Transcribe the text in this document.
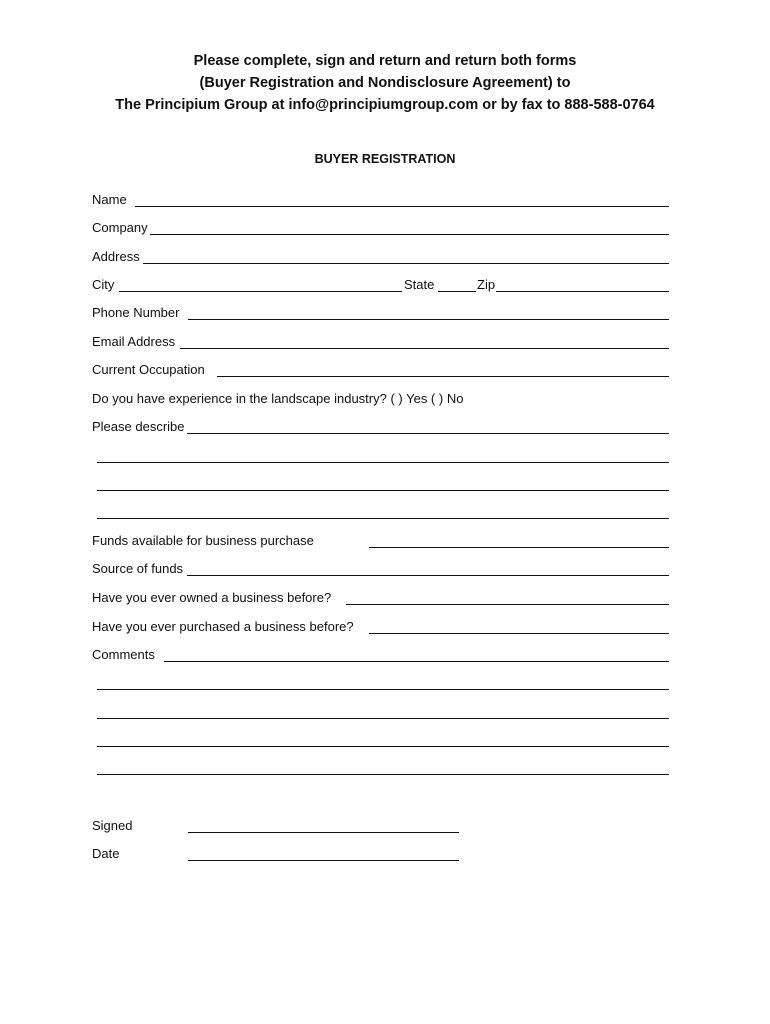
Please complete, sign and return and return both forms
(Buyer Registration and Nondisclosure Agreement) to
The Principium Group at info@principiumgroup.com or by fax to 888-588-0764
BUYER REGISTRATION
Name
Company
Address
City	State	Zip
Phone Number
Email Address
Current Occupation
Do you have experience in the landscape industry? ( ) Yes ( ) No
Please describe
Funds available for business purchase
Source of funds
Have you ever owned a business before?
Have you ever purchased a business before?
Comments
Signed
Date
